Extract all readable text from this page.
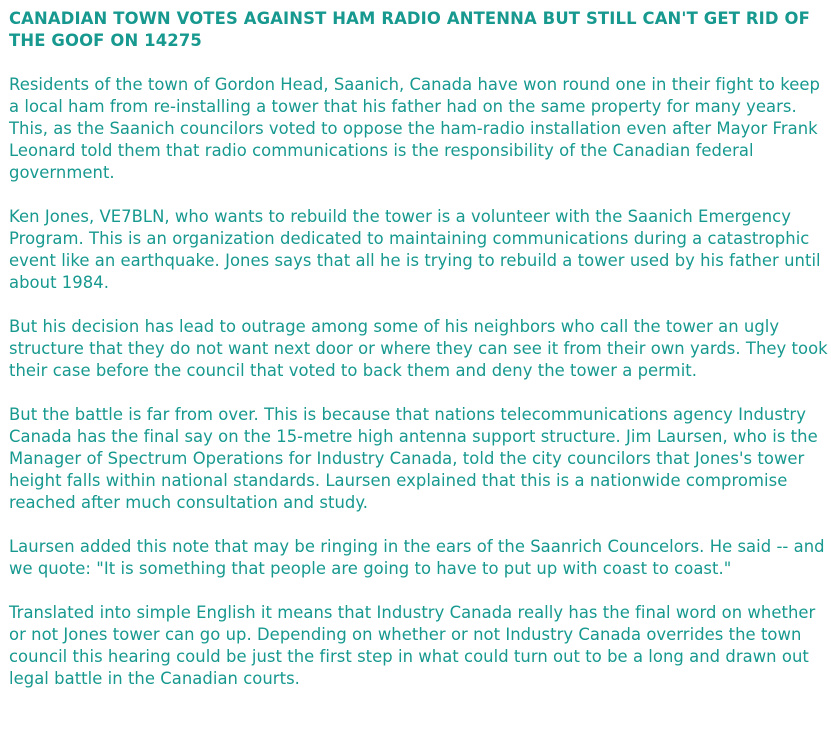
CANADIAN TOWN VOTES AGAINST HAM RADIO ANTENNA BUT STILL CAN'T GET RID OF THE GOOF ON 14275

Residents of the town of Gordon Head, Saanich, Canada have won round one in their fight to keep a local ham from re-installing a tower that his father had on the same property for many years. This, as the Saanich councilors voted to oppose the ham-radio installation even after Mayor Frank Leonard told them that radio communications is the responsibility of the Canadian federal government.

Ken Jones, VE7BLN, who wants to rebuild the tower is a volunteer with the Saanich Emergency Program. This is an organization dedicated to maintaining communications during a catastrophic event like an earthquake. Jones says that all he is trying to rebuild a tower used by his father until about 1984.

But his decision has lead to outrage among some of his neighbors who call the tower an ugly structure that they do not want next door or where they can see it from their own yards. They took their case before the council that voted to back them and deny the tower a permit.

But the battle is far from over. This is because that nations telecommunications agency Industry Canada has the final say on the 15-metre high antenna support structure. Jim Laursen, who is the Manager of Spectrum Operations for Industry Canada, told the city councilors that Jones's tower height falls within national standards. Laursen explained that this is a nationwide compromise reached after much consultation and study.

Laursen added this note that may be ringing in the ears of the Saanrich Councelors. He said -- and we quote: "It is something that people are going to have to put up with coast to coast."

Translated into simple English it means that Industry Canada really has the final word on whether or not Jones tower can go up. Depending on whether or not Industry Canada overrides the town council this hearing could be just the first step in what could turn out to be a long and drawn out legal battle in the Canadian courts.
